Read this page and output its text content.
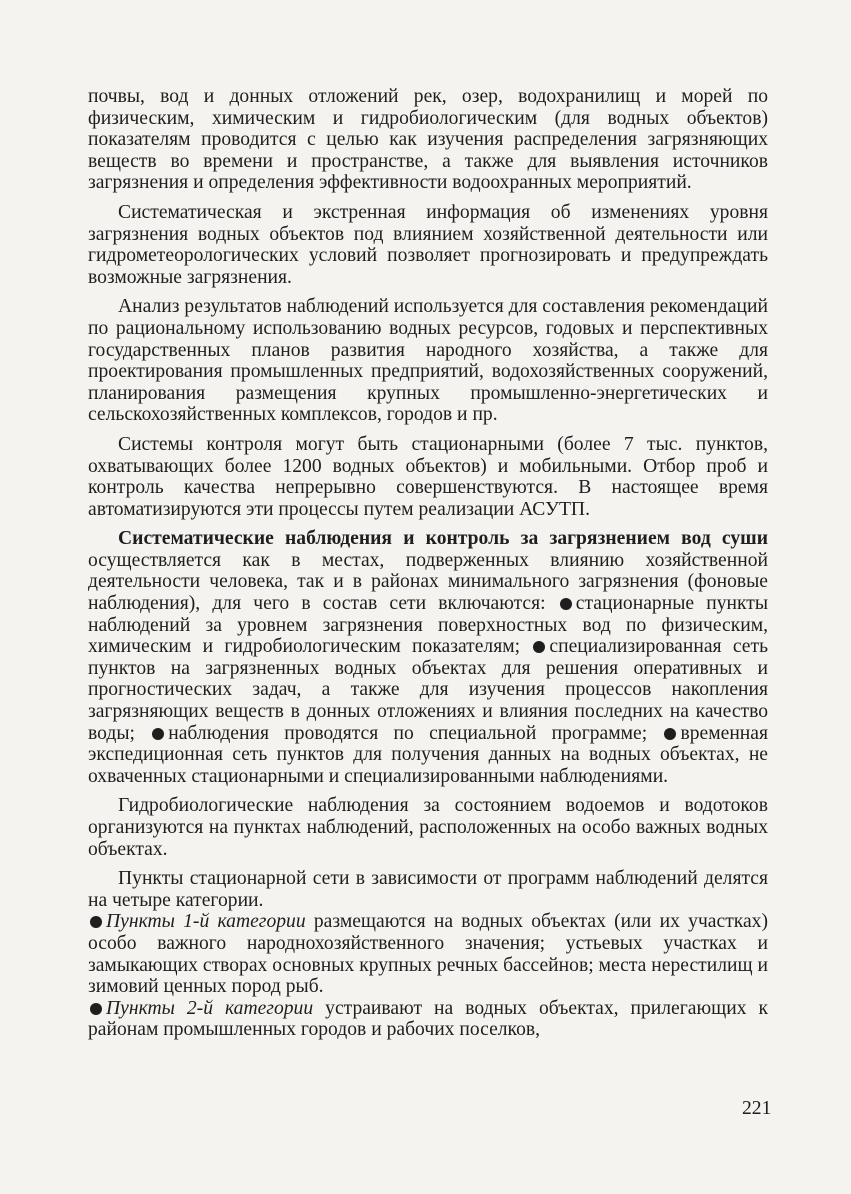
почвы, вод и донных отложений рек, озер, водохранилищ и морей по физическим, химическим и гидробиологическим (для водных объектов) показателям проводится с целью как изучения распределения загрязняющих веществ во времени и пространстве, а также для выявления источников загрязнения и определения эффективности водоохранных мероприятий.

Систематическая и экстренная информация об изменениях уровня загрязнения водных объектов под влиянием хозяйственной деятельности или гидрометеорологических условий позволяет прогнозировать и предупреждать возможные загрязнения.

Анализ результатов наблюдений используется для составления рекомендаций по рациональному использованию водных ресурсов, годовых и перспективных государственных планов развития народного хозяйства, а также для проектирования промышленных предприятий, водохозяйственных сооружений, планирования размещения крупных промышленно-энергетических и сельскохозяйственных комплексов, городов и пр.

Системы контроля могут быть стационарными (более 7 тыс. пунктов, охватывающих более 1200 водных объектов) и мобильными. Отбор проб и контроль качества непрерывно совершенствуются. В настоящее время автоматизируются эти процессы путем реализации АСУТП.

Систематические наблюдения и контроль за загрязнением вод суши осуществляется как в местах, подверженных влиянию хозяйственной деятельности человека, так и в районах минимального загрязнения (фоновые наблюдения), для чего в состав сети включаются: стационарные пункты наблюдений за уровнем загрязнения поверхностных вод по физическим, химическим и гидробиологическим показателям; специализированная сеть пунктов на загрязненных водных объектах для решения оперативных и прогностических задач, а также для изучения процессов накопления загрязняющих веществ в донных отложениях и влияния последних на качество воды; наблюдения проводятся по специальной программе; временная экспедиционная сеть пунктов для получения данных на водных объектах, не охваченных стационарными и специализированными наблюдениями.

Гидробиологические наблюдения за состоянием водоемов и водотоков организуются на пунктах наблюдений, расположенных на особо важных водных объектах.

Пункты стационарной сети в зависимости от программ наблюдений делятся на четыре категории.

Пункты 1-й категории размещаются на водных объектах (или их участках) особо важного народнохозяйственного значения; устьевых участках и замыкающих створах основных крупных речных бассейнов; места нерестилищ и зимовий ценных пород рыб.

Пункты 2-й категории устраивают на водных объектах, прилегающих к районам промышленных городов и рабочих поселков,

221
